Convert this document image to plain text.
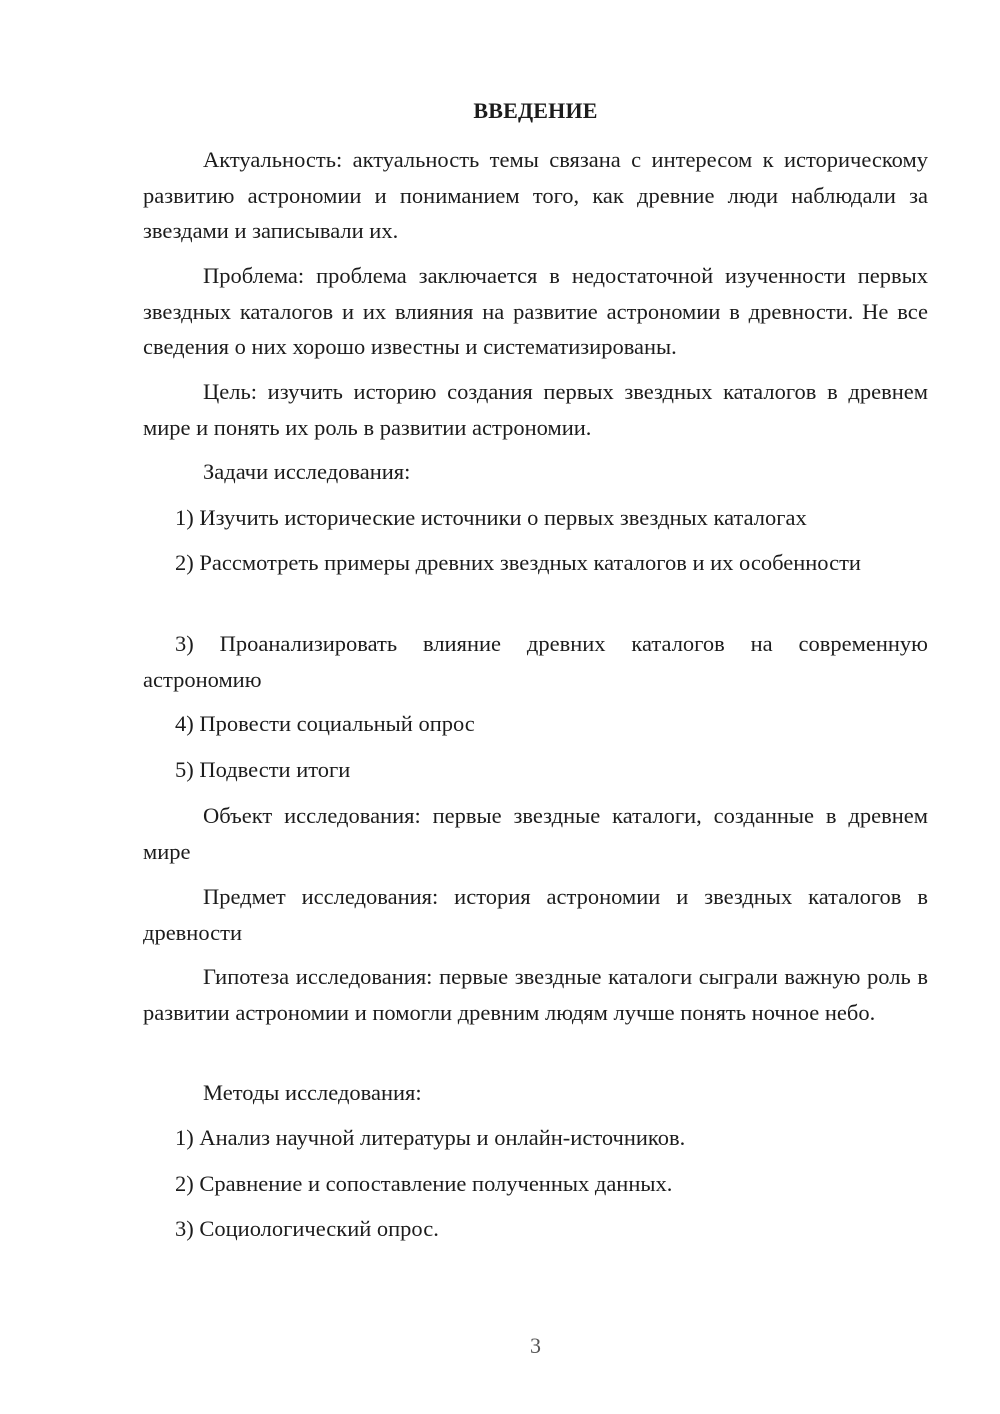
ВВЕДЕНИЕ

Актуальность: актуальность темы связана с интересом к историческому развитию астрономии и пониманием того, как древние люди наблюдали за звездами и записывали их.

Проблема: проблема заключается в недостаточной изученности первых звездных каталогов и их влияния на развитие астрономии в древности. Не все сведения о них хорошо известны и систематизированы.

Цель: изучить историю создания первых звездных каталогов в древнем мире и понять их роль в развитии астрономии.

Задачи исследования:

1) Изучить исторические источники о первых звездных каталогах

2) Рассмотреть примеры древних звездных каталогов и их особенности

3) Проанализировать влияние древних каталогов на современную астрономию

4) Провести социальный опрос

5) Подвести итоги

Объект исследования: первые звездные каталоги, созданные в древнем мире

Предмет исследования: история астрономии и звездных каталогов в древности

Гипотеза исследования: первые звездные каталоги сыграли важную роль в развитии астрономии и помогли древним людям лучше понять ночное небо.

Методы исследования:

1) Анализ научной литературы и онлайн-источников.

2) Сравнение и сопоставление полученных данных.

3) Социологический опрос.

3
